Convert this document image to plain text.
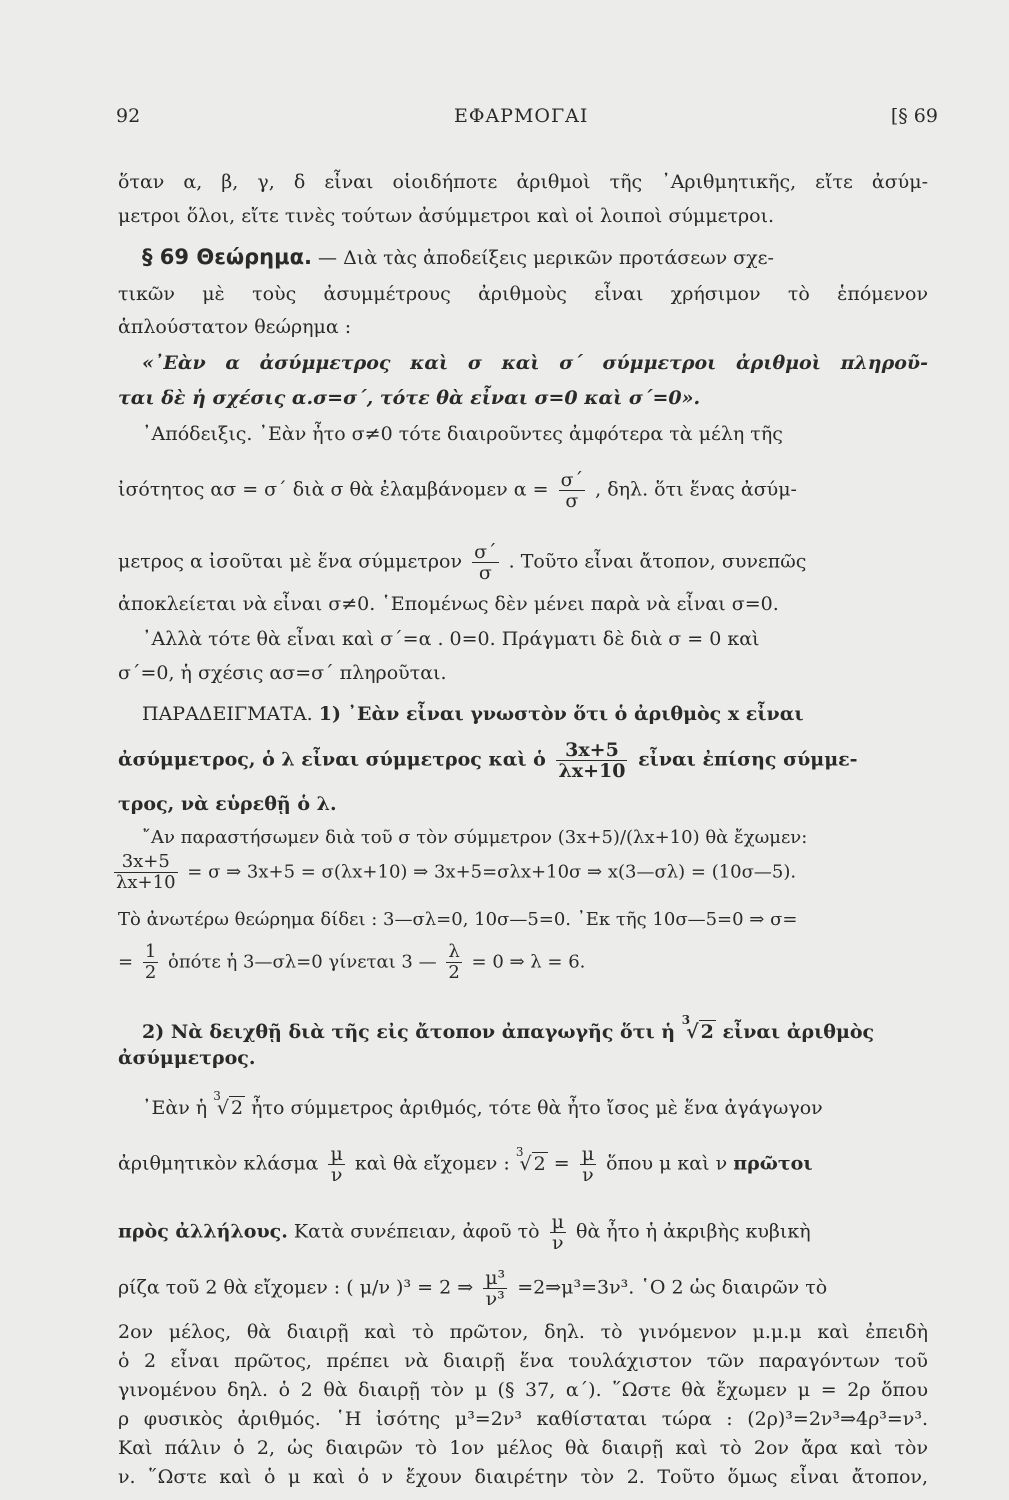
92	ΕΦΑΡΜΟΓΑΙ	[§ 69
ὅταν α, β, γ, δ εἶναι οἱοιδήποτε ἀριθμοὶ τῆς ᾿Αριθμητικῆς, εἴτε ἀσύμ-
μετροι ὅλοι, εἴτε τινὲς τούτων ἀσύμμετροι καὶ οἱ λοιποὶ σύμμετροι.
§ 69 Θεώρημα. — Διὰ τὰς ἀποδείξεις μερικῶν προτάσεων σχε-
τικῶν μὲ τοὺς ἀσυμμέτρους ἀριθμοὺς εἶναι χρήσιμον τὸ ἑπόμενον
ἁπλούστατον θεώρημα :
«᾿Εὰν α ἀσύμμετρος καὶ σ καὶ σ΄ σύμμετροι ἀριθμοὶ πληροῦ-
ται δὲ ἡ σχέσις α.σ=σ΄, τότε θὰ εἶναι σ=0 καὶ σ΄=0».
᾿Απόδειξις. ᾿Εὰν ἦτο σ≠0 τότε διαιροῦντες ἀμφότερα τὰ μέλη τῆς
ἰσότητος ασ = σ΄ διὰ σ θὰ ἐλαμβάνομεν $\alpha = \frac{\sigma΄}{\sigma}$ , δηλ. ὅτι ἕνας ἀσύμ-
μετρος α ἰσοῦται μὲ ἕνα σύμμετρον $\frac{\sigma΄}{\sigma}$ . Τοῦτο εἶναι ἄτοπον, συνεπῶς
ἀποκλείεται νὰ εἶναι σ≠0. ῾Επομένως δὲν μένει παρὰ νὰ εἶναι σ=0.
᾿Αλλὰ τότε θὰ εἶναι καὶ σ΄=α . 0=0. Πράγματι δὲ διὰ σ = 0 καὶ
σ΄=0, ἡ σχέσις ασ=σ΄ πληροῦται.
ΠΑΡΑΔΕΙΓΜΑΤΑ. 1) ᾿Εὰν εἶναι γνωστὸν ὅτι ὁ ἀριθμὸς x εἶναι
ἀσύμμετρος, ὁ λ εἶναι σύμμετρος καὶ ὁ $\frac{3x+5}{\lambda x+10}$ εἶναι ἐπίσης σύμμε-
τρος, νὰ εὑρεθῇ ὁ λ.
῎Αν παραστήσωμεν διὰ τοῦ σ τὸν σύμμετρον (3x+5)/(λx+10) θὰ ἔχωμεν:
$\frac{3x+5}{\lambda x+10} = \sigma$ ⇒ 3x+5 = σ(λx+10) ⇒ 3x+5=σλx+10σ ⇒ x(3—σλ) = (10σ—5).
Τὸ ἀνωτέρω θεώρημα δίδει : 3—σλ=0, 10σ—5=0. ᾿Εκ τῆς 10σ—5=0 ⇒ σ=
= $\frac{1}{2}$ ὁπότε ἡ 3—σλ=0 γίνεται 3 — $\frac{\lambda}{2} = 0$ ⇒ λ = 6.
2) Νὰ δειχθῇ διὰ τῆς εἰς ἄτοπον ἀπαγωγῆς ὅτι ἡ $^3$√ 2 εἶναι ἀριθμὸς
ἀσύμμετρος.
᾿Εὰν ἡ $^3$√ 2 ἦτο σύμμετρος ἀριθμός, τότε θὰ ἦτο ἴσος μὲ ἕνα ἀγάγωγον
ἀριθμητικὸν κλάσμα $\frac{\mu}{\nu}$ καὶ θὰ εἴχομεν : $^3$√ $2 = \frac{\mu}{\nu}$ ὅπου μ καὶ ν πρῶτοι
πρὸς ἀλλήλους. Κατὰ συνέπειαν, ἀφοῦ τὸ $\frac{\mu}{\nu}$ θὰ ἦτο ἡ ἀκριβὴς κυβικὴ
ρίζα τοῦ 2 θὰ εἴχομεν : ( μ/ν )³ = 2 ⇒ $\frac{\text{μ³}}{\text{ν³}}$ =2⇒μ³=3ν³. ῾Ο 2 ὡς διαιρῶν τὸ
2ον μέλος, θὰ διαιρῇ καὶ τὸ πρῶτον, δηλ. τὸ γινόμενον μ.μ.μ καὶ ἐπειδὴ
ὁ 2 εἶναι πρῶτος, πρέπει νὰ διαιρῇ ἕνα τουλάχιστον τῶν παραγόντων τοῦ
γινομένου δηλ. ὁ 2 θὰ διαιρῇ τὸν μ (§ 37, α΄). ῞Ωστε θὰ ἔχωμεν μ = 2ρ ὅπου
ρ φυσικὸς ἀριθμός. ῾Η ἰσότης μ³=2ν³ καθίσταται τώρα : (2ρ)³=2ν³⇒4ρ³=ν³.
Καὶ πάλιν ὁ 2, ὡς διαιρῶν τὸ 1ον μέλος θὰ διαιρῇ καὶ τὸ 2ον ἄρα καὶ τὸν
ν. ῞Ωστε καὶ ὁ μ καὶ ὁ ν ἔχουν διαιρέτην τὸν 2. Τοῦτο ὅμως εἶναι ἄτοπον,
